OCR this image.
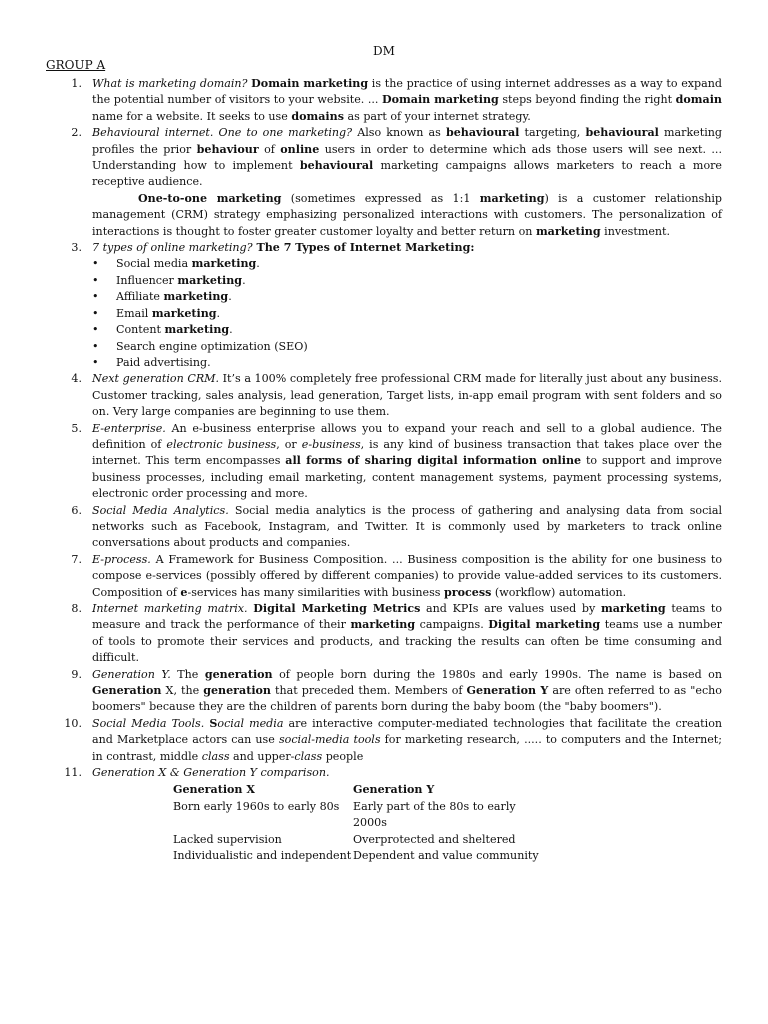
DM
GROUP A
1. What is marketing domain? Domain marketing is the practice of using internet addresses as a way to expand the potential number of visitors to your website. ... Domain marketing steps beyond finding the right domain name for a website. It seeks to use domains as part of your internet strategy.
2. Behavioural internet. One to one marketing? Also known as behavioural targeting, behavioural marketing profiles the prior behaviour of online users in order to determine which ads those users will see next. ... Understanding how to implement behavioural marketing campaigns allows marketers to reach a more receptive audience.
One-to-one marketing (sometimes expressed as 1:1 marketing) is a customer relationship management (CRM) strategy emphasizing personalized interactions with customers. The personalization of interactions is thought to foster greater customer loyalty and better return on marketing investment.
3. 7 types of online marketing? The 7 Types of Internet Marketing:
• Social media marketing.
• Influencer marketing.
• Affiliate marketing.
• Email marketing.
• Content marketing.
• Search engine optimization (SEO)
• Paid advertising.
4. Next generation CRM. It’s a 100% completely free professional CRM made for literally just about any business. Customer tracking, sales analysis, lead generation, Target lists, in-app email program with sent folders and so on. Very large companies are beginning to use them.
5. E-enterprise. An e-business enterprise allows you to expand your reach and sell to a global audience. The definition of electronic business, or e-business, is any kind of business transaction that takes place over the internet. This term encompasses all forms of sharing digital information online to support and improve business processes, including email marketing, content management systems, payment processing systems, electronic order processing and more.
6. Social Media Analytics. Social media analytics is the process of gathering and analysing data from social networks such as Facebook, Instagram, and Twitter. It is commonly used by marketers to track online conversations about products and companies.
7. E-process. A Framework for Business Composition. ... Business composition is the ability for one business to compose e-services (possibly offered by different companies) to provide value-added services to its customers. Composition of e-services has many similarities with business process (workflow) automation.
8. Internet marketing matrix. Digital Marketing Metrics and KPIs are values used by marketing teams to measure and track the performance of their marketing campaigns. Digital marketing teams use a number of tools to promote their services and products, and tracking the results can often be time consuming and difficult.
9. Generation Y. The generation of people born during the 1980s and early 1990s. The name is based on Generation X, the generation that preceded them. Members of Generation Y are often referred to as "echo boomers" because they are the children of parents born during the baby boom (the "baby boomers").
10. Social Media Tools. Social media are interactive computer-mediated technologies that facilitate the creation and Marketplace actors can use social-media tools for marketing research, ..... to computers and the Internet; in contrast, middle class and upper-class people
11. Generation X & Generation Y comparison.
Generation X	Generation Y
Born early 1960s to early 80s	Early part of the 80s to early 2000s
Lacked supervision	Overprotected and sheltered
Individualistic and independent	Dependent and value community
